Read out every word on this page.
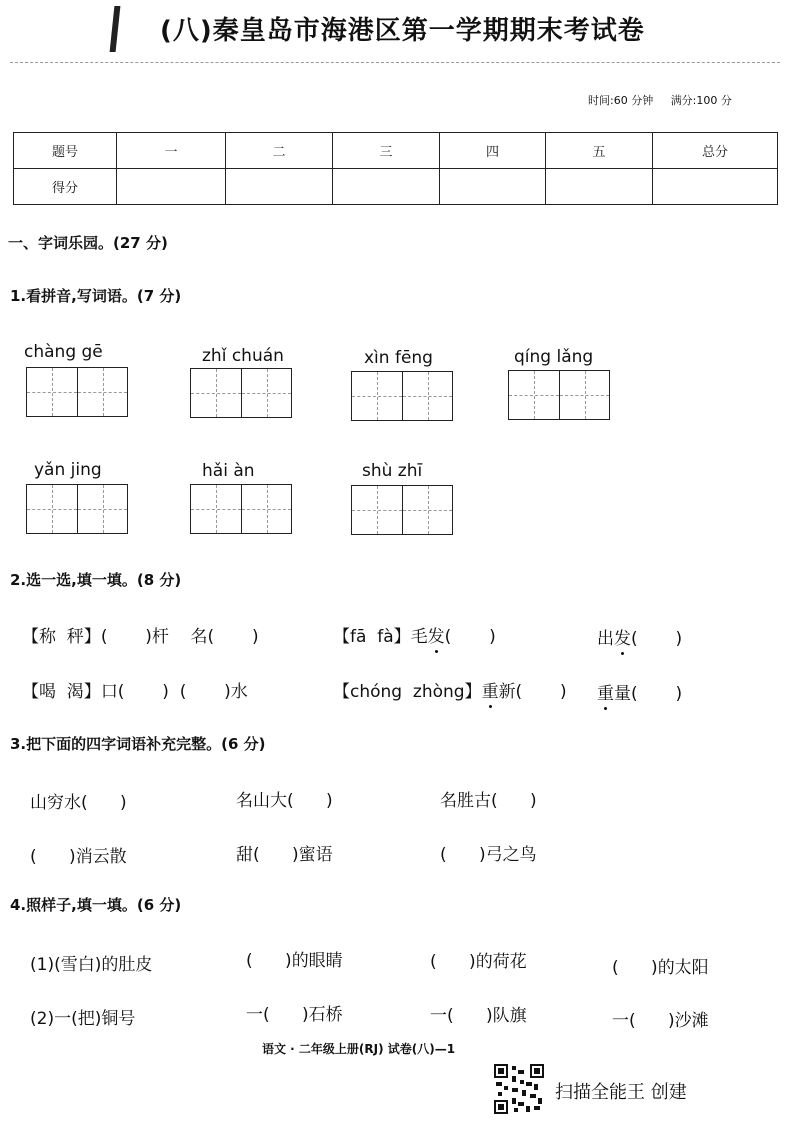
(八)秦皇岛市海港区第一学期期末考试卷
时间:60 分钟 满分:100 分
题号	一	二	三	四	五	总分
得分						
一、字词乐园。(27 分)
1.看拼音,写词语。(7 分)
chàng gē	zhǐ chuán	xìn fēng	qíng lǎng
yǎn jing	hǎi àn	shù zhī
2.选一选,填一填。(8 分)
【称  秤】(       )杆    名(       )	【fā  fà】毛发(       )	出发(       )
【喝  渴】口(       )  (       )水	【chóng  zhòng】重新(       ) 重量(       )
3.把下面的四字词语补充完整。(6 分)
山穷水(      )	名山大(      )	名胜古(      )
(      )消云散	甜(      )蜜语	(      )弓之鸟
4.照样子,填一填。(6 分)
(1)(雪白)的肚皮	(      )的眼睛	(      )的荷花	(      )的太阳
(2)一(把)铜号	一(      )石桥	一(      )队旗	一(      )沙滩
语文 · 二年级上册(RJ) 试卷(八)—1
扫描全能王 创建
